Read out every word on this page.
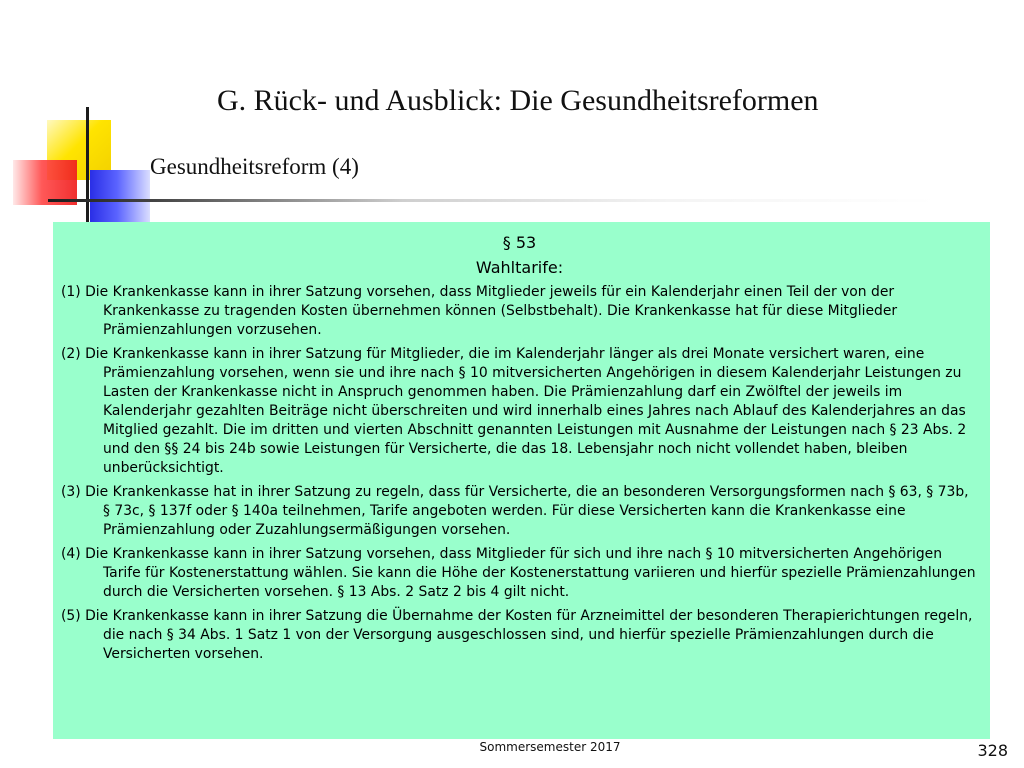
G. Rück- und Ausblick: Die Gesundheitsreformen
Gesundheitsreform (4)
§ 53
Wahltarife:

(1) Die Krankenkasse kann in ihrer Satzung vorsehen, dass Mitglieder jeweils für ein Kalenderjahr einen Teil der von der Krankenkasse zu tragenden Kosten übernehmen können (Selbstbehalt). Die Krankenkasse hat für diese Mitglieder Prämienzahlungen vorzusehen.

(2) Die Krankenkasse kann in ihrer Satzung für Mitglieder, die im Kalenderjahr länger als drei Monate versichert waren, eine Prämienzahlung vorsehen, wenn sie und ihre nach § 10 mitversicherten Angehörigen in diesem Kalenderjahr Leistungen zu Lasten der Krankenkasse nicht in Anspruch genommen haben. Die Prämienzahlung darf ein Zwölftel der jeweils im Kalenderjahr gezahlten Beiträge nicht überschreiten und wird innerhalb eines Jahres nach Ablauf des Kalenderjahres an das Mitglied gezahlt. Die im dritten und vierten Abschnitt genannten Leistungen mit Ausnahme der Leistungen nach § 23 Abs. 2 und den §§ 24 bis 24b sowie Leistungen für Versicherte, die das 18. Lebensjahr noch nicht vollendet haben, bleiben unberücksichtigt.

(3) Die Krankenkasse hat in ihrer Satzung zu regeln, dass für Versicherte, die an besonderen Versorgungsformen nach § 63, § 73b, § 73c, § 137f oder § 140a teilnehmen, Tarife angeboten werden. Für diese Versicherten kann die Krankenkasse eine Prämienzahlung oder Zuzahlungsermäßigungen vorsehen.

(4) Die Krankenkasse kann in ihrer Satzung vorsehen, dass Mitglieder für sich und ihre nach § 10 mitversicherten Angehörigen Tarife für Kostenerstattung wählen. Sie kann die Höhe der Kostenerstattung variieren und hierfür spezielle Prämienzahlungen durch die Versicherten vorsehen. § 13 Abs. 2 Satz 2 bis 4 gilt nicht.

(5) Die Krankenkasse kann in ihrer Satzung die Übernahme der Kosten für Arzneimittel der besonderen Therapierichtungen regeln, die nach § 34 Abs. 1 Satz 1 von der Versorgung ausgeschlossen sind, und hierfür spezielle Prämienzahlungen durch die Versicherten vorsehen.

Sommersemester 2017	328
